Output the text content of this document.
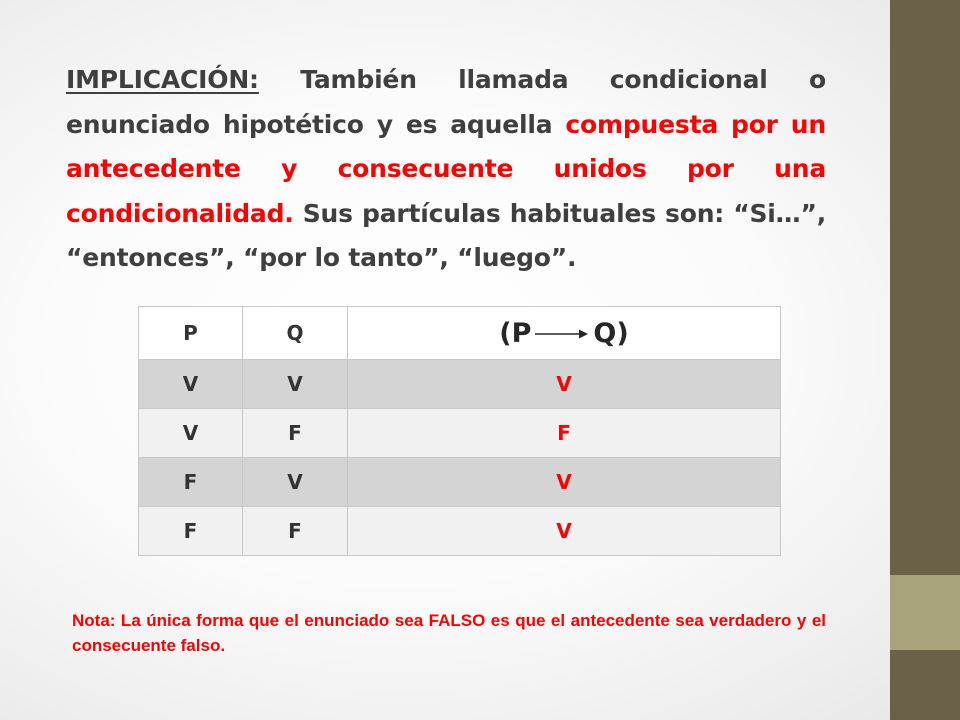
IMPLICACIÓN: También llamada condicional o enunciado hipotético y es aquella compuesta por un antecedente y consecuente unidos por una condicionalidad. Sus partículas habituales son: “Si…”, “entonces”, “por lo tanto”, “luego”.
P	Q	(P Q)
V	V	V
V	F	F
F	V	V
F	F	V
Nota: La única forma que el enunciado sea FALSO es que el antecedente sea verdadero y el consecuente falso.
